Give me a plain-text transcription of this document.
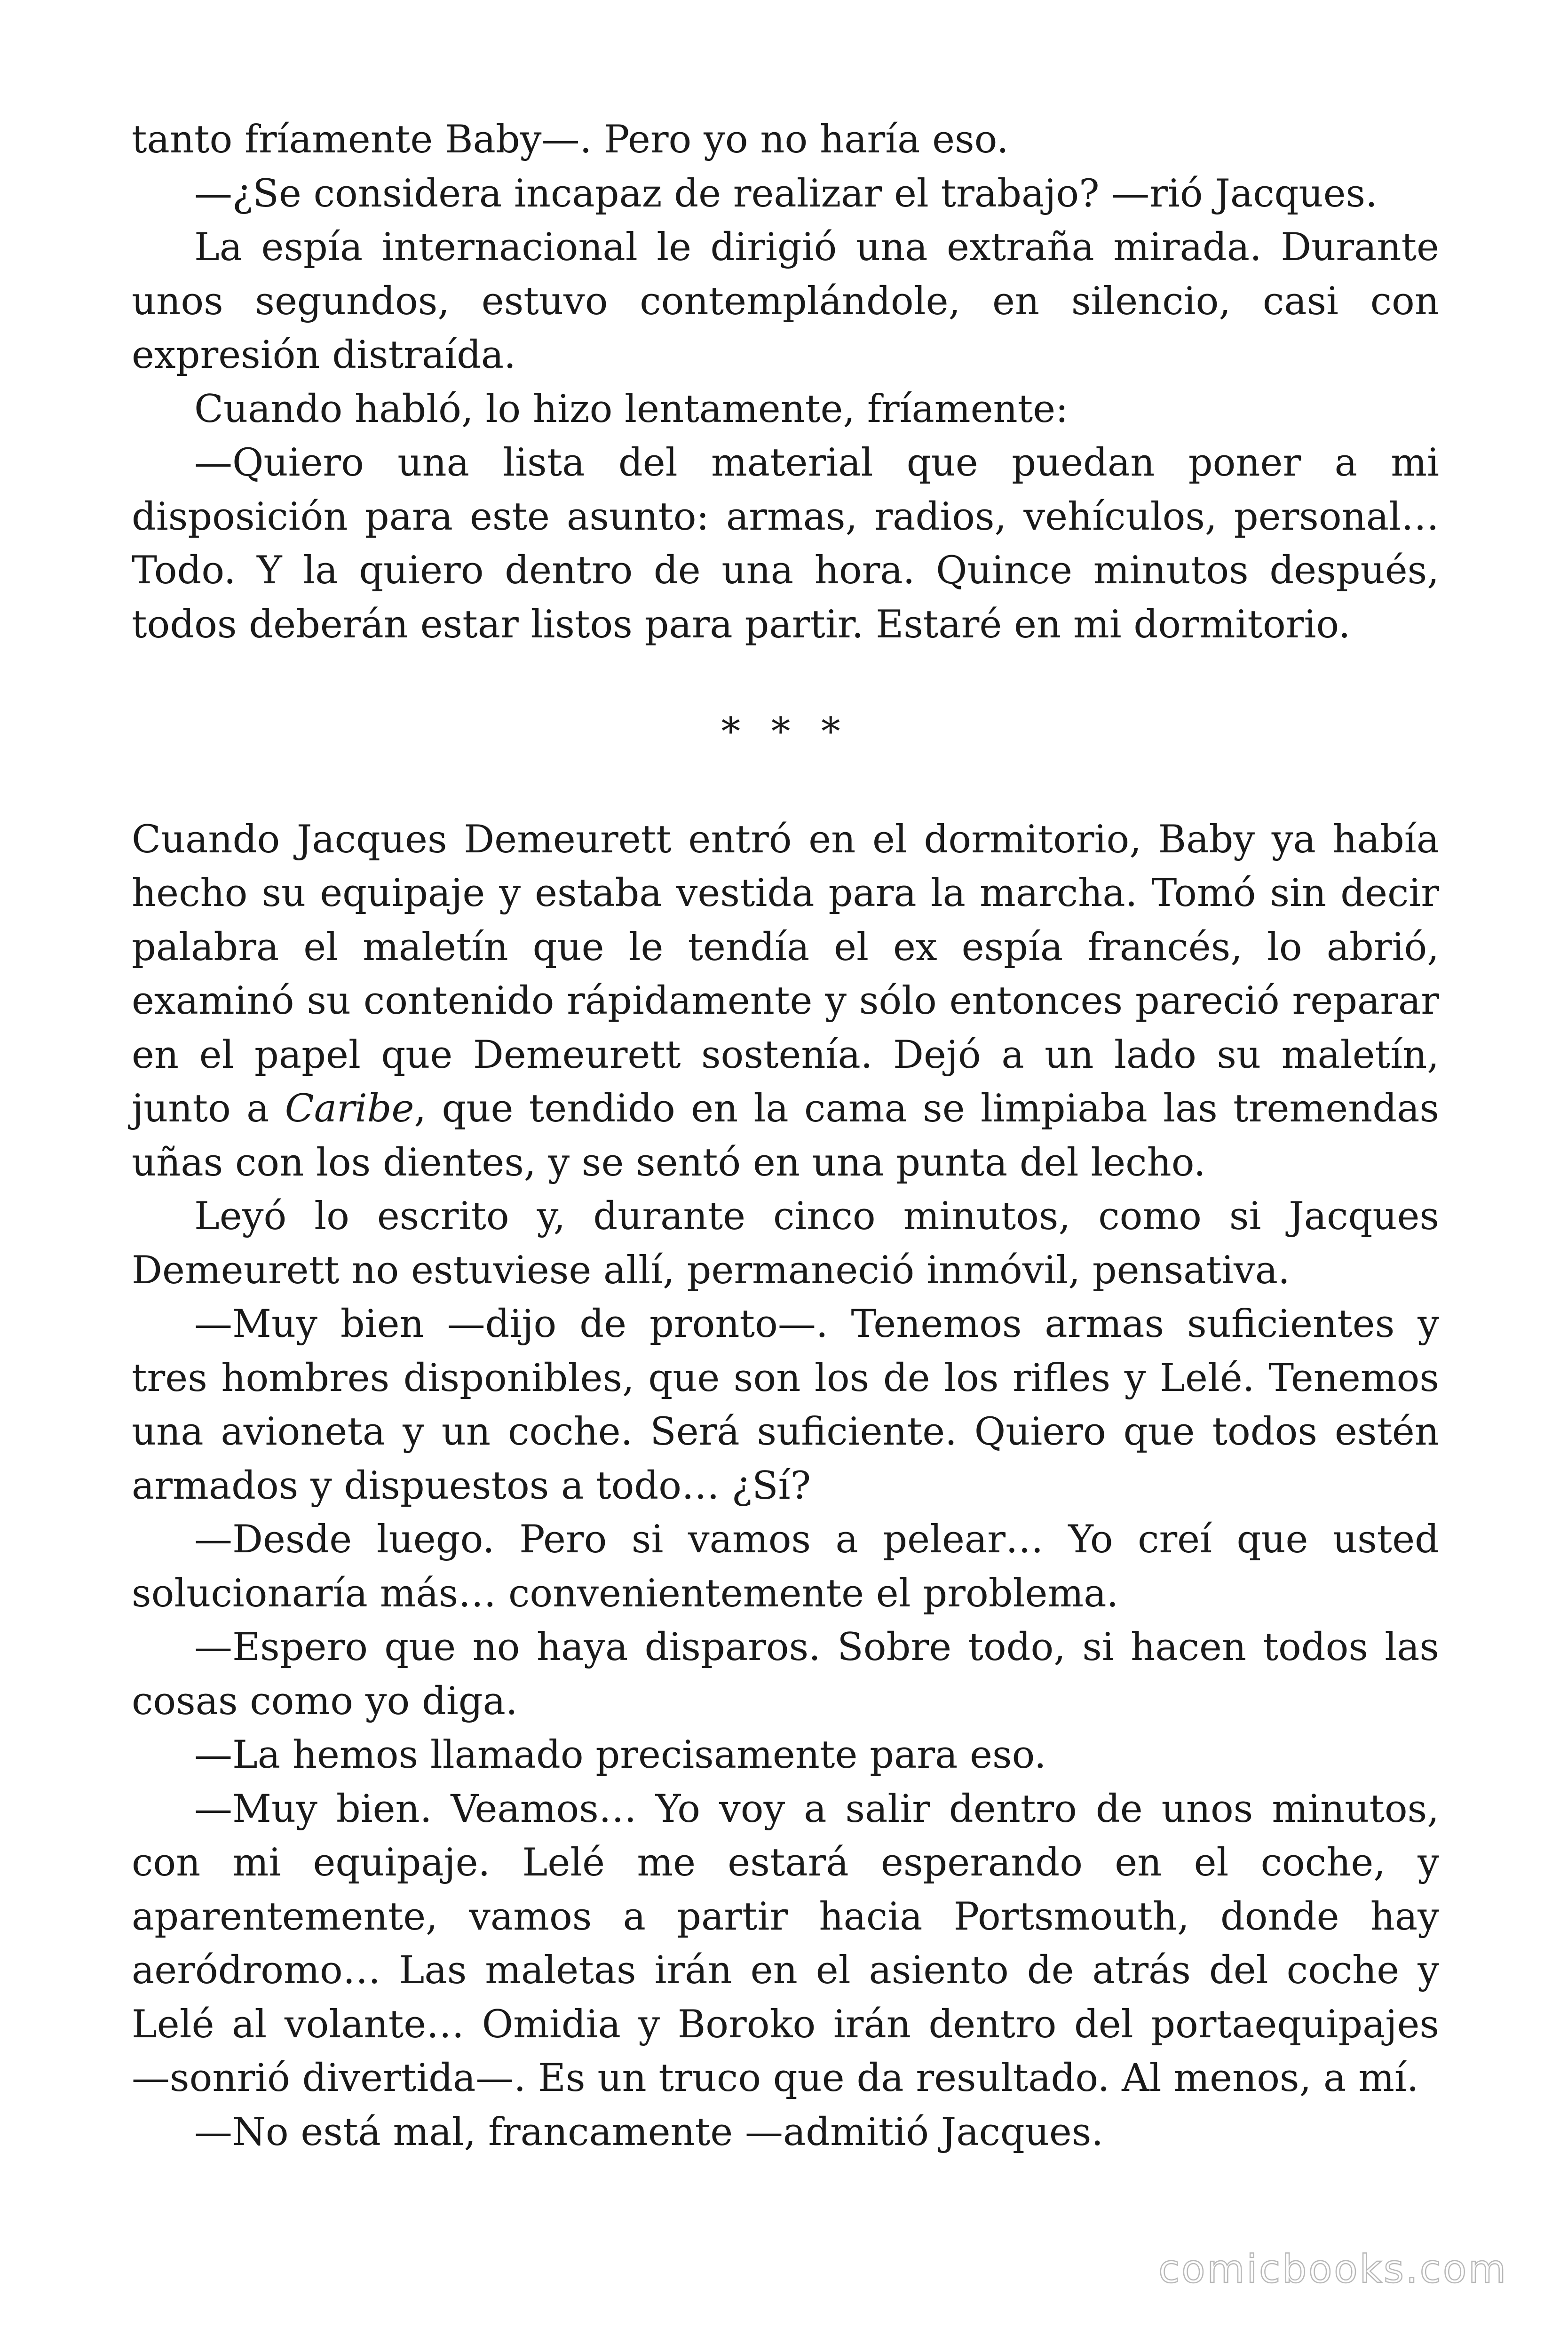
tanto fríamente Baby—. Pero yo no haría eso.

—¿Se considera incapaz de realizar el trabajo? —rió Jacques.

La espía internacional le dirigió una extraña mirada. Durante unos segundos, estuvo contemplándole, en silencio, casi con expresión distraída.

Cuando habló, lo hizo lentamente, fríamente:

—Quiero una lista del material que puedan poner a mi disposición para este asunto: armas, radios, vehículos, personal… Todo. Y la quiero dentro de una hora. Quince minutos después, todos deberán estar listos para partir. Estaré en mi dormitorio.

* * *

Cuando Jacques Demeurett entró en el dormitorio, Baby ya había hecho su equipaje y estaba vestida para la marcha. Tomó sin decir palabra el maletín que le tendía el ex espía francés, lo abrió, examinó su contenido rápidamente y sólo entonces pareció reparar en el papel que Demeurett sostenía. Dejó a un lado su maletín, junto a Caribe, que tendido en la cama se limpiaba las tremendas uñas con los dientes, y se sentó en una punta del lecho.

Leyó lo escrito y, durante cinco minutos, como si Jacques Demeurett no estuviese allí, permaneció inmóvil, pensativa.

—Muy bien —dijo de pronto—. Tenemos armas suficientes y tres hombres disponibles, que son los de los rifles y Lelé. Tenemos una avioneta y un coche. Será suficiente. Quiero que todos estén armados y dispuestos a todo… ¿Sí?

—Desde luego. Pero si vamos a pelear… Yo creí que usted solucionaría más… convenientemente el problema.

—Espero que no haya disparos. Sobre todo, si hacen todos las cosas como yo diga.

—La hemos llamado precisamente para eso.

—Muy bien. Veamos… Yo voy a salir dentro de unos minutos, con mi equipaje. Lelé me estará esperando en el coche, y aparentemente, vamos a partir hacia Portsmouth, donde hay aeródromo… Las maletas irán en el asiento de atrás del coche y Lelé al volante… Omidia y Boroko irán dentro del portaequipajes —sonrió divertida—. Es un truco que da resultado. Al menos, a mí.

—No está mal, francamente —admitió Jacques.

comicbooks.com
